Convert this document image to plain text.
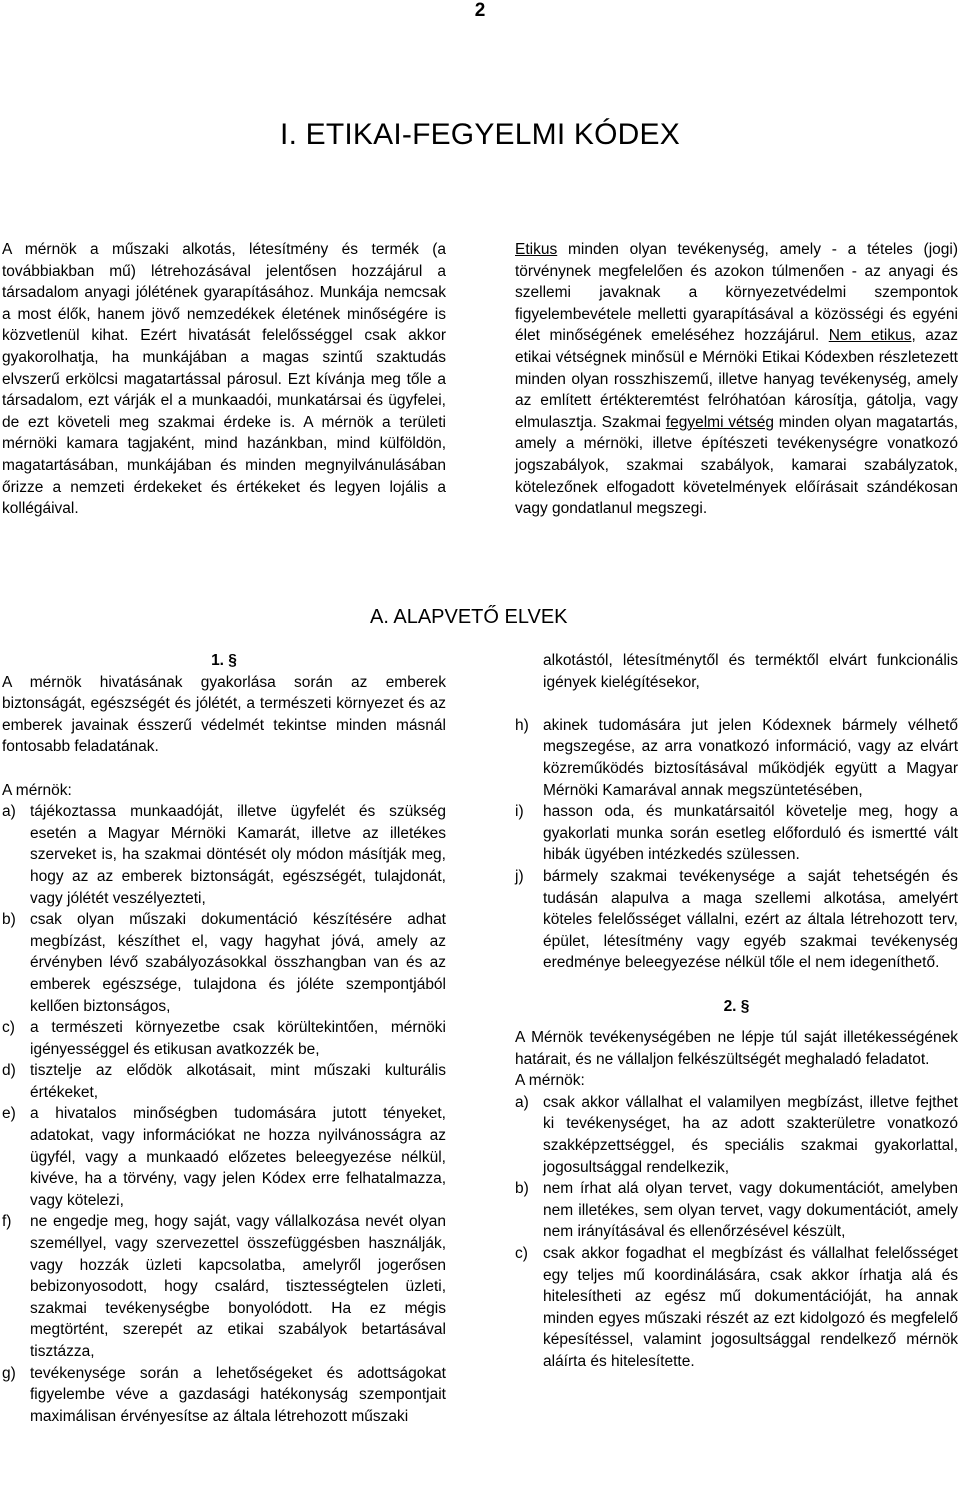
2
I. ETIKAI-FEGYELMI KÓDEX

A mérnök a műszaki alkotás, létesítmény és termék (a továbbiakban mű) létrehozásával jelentősen hozzájárul a társadalom anyagi jólétének gyarapításához. Munkája nemcsak a most élők, hanem jövő nemzedékek életének minőségére is közvetlenül kihat. Ezért hivatását felelősséggel csak akkor gyakorolhatja, ha munkájában a magas szintű szaktudás elvszerű erkölcsi magatartással párosul. Ezt kívánja meg tőle a társadalom, ezt várják el a munkaadói, munkatársai és ügyfelei, de ezt követeli meg szakmai érdeke is. A mérnök a területi mérnöki kamara tagjaként, mind hazánkban, mind külföldön, magatartásában, munkájában és minden megnyilvánulásában őrizze a nemzeti érdekeket és értékeket és legyen lojális a kollégáival.

Etikus minden olyan tevékenység, amely - a tételes (jogi) törvénynek megfelelően és azokon túlmenően - az anyagi és szellemi javaknak a környezetvédelmi szempontok figyelembevétele melletti gyarapításával a közösségi és egyéni élet minőségének emeléséhez hozzájárul. Nem etikus, azaz etikai vétségnek minősül e Mérnöki Etikai Kódexben részletezett minden olyan rosszhiszemű, illetve hanyag tevékenység, amely az említett értékteremtést felróhatóan károsítja, gátolja, vagy elmulasztja. Szakmai fegyelmi vétség minden olyan magatartás, amely a mérnöki, illetve építészeti tevékenységre vonatkozó jogszabályok, szakmai szabályok, kamarai szabályzatok, kötelezőnek elfogadott követelmények előírásait szándékosan vagy gondatlanul megszegi.

A. ALAPVETŐ ELVEK
1. §

A mérnök hivatásának gyakorlása során az emberek biztonságát, egészségét és jólétét, a természeti környezet és az emberek javainak ésszerű védelmét tekintse minden másnál fontosabb feladatának.

A mérnök:

a) tájékoztassa munkaadóját, illetve ügyfelét és szükség esetén a Magyar Mérnöki Kamarát, illetve az illetékes szerveket is, ha szakmai döntését oly módon másítják meg, hogy az az emberek biztonságát, egészségét, tulajdonát, vagy jólétét veszélyezteti,
b) csak olyan műszaki dokumentáció készítésére adhat megbízást, készíthet el, vagy hagyhat jóvá, amely az érvényben lévő szabályozásokkal összhangban van és az emberek egészsége, tulajdona és jóléte szempontjából kellően biztonságos,
c) a természeti környezetbe csak körültekintően, mérnöki igényességgel és etikusan avatkozzék be,
d) tisztelje az elődök alkotásait, mint műszaki kulturális értékeket,
e) a hivatalos minőségben tudomására jutott tényeket, adatokat, vagy információkat ne hozza nyilvánosságra az ügyfél, vagy a munkaadó előzetes beleegyezése nélkül, kivéve, ha a törvény, vagy jelen Kódex erre felhatalmazza, vagy kötelezi,
f)	ne engedje meg, hogy saját, vagy vállalkozása nevét olyan személlyel, vagy szervezettel összefüggésben használják, vagy hozzák üzleti kapcsolatba, amelyről jogerősen bebizonyosodott, hogy csalárd, tisztességtelen üzleti, szakmai tevékenységbe bonyolódott. Ha ez mégis megtörtént, szerepét az etikai szabályok betartásával tisztázza,
g) tevékenysége során a lehetőségeket és adottságokat figyelembe véve a gazdasági hatékonyság szempontjait maximálisan érvényesítse az általa létrehozott műszaki

alkotástól, létesítménytől és terméktől elvárt funkcionális igények kielégítésekor,

h) akinek tudomására jut jelen Kódexnek bármely vélhető megszegése, az arra vonatkozó információ, vagy az elvárt közreműködés biztosításával működjék együtt a Magyar Mérnöki Kamarával annak megszüntetésében,
i)	hasson oda, és munkatársaitól követelje meg, hogy a gyakorlati munka során esetleg előforduló és ismertté vált hibák ügyében intézkedés szülessen.
j)	bármely szakmai tevékenysége a saját tehetségén és tudásán alapulva a maga szellemi alkotása, amelyért köteles felelősséget vállalni, ezért az általa létrehozott terv, épület, létesítmény vagy egyéb szakmai tevékenység eredménye beleegyezése nélkül tőle el nem idegeníthető.
2. §

A Mérnök tevékenységében ne lépje túl saját illetékességének határait, és ne vállaljon felkészültségét meghaladó feladatot.

A mérnök:

a) csak akkor vállalhat el valamilyen megbízást, illetve fejthet ki tevékenységet, ha az adott szakterületre vonatkozó szakképzettséggel, és speciális szakmai gyakorlattal, jogosultsággal rendelkezik,
b) nem írhat alá olyan tervet, vagy dokumentációt, amelyben nem illetékes, sem olyan tervet, vagy dokumentációt, amely nem irányításával és ellenőrzésével készült,
c) csak akkor fogadhat el megbízást és vállalhat felelősséget egy teljes mű koordinálására, csak akkor írhatja alá és hitelesítheti az egész mű dokumentációját, ha annak minden egyes műszaki részét az ezt kidolgozó és megfelelő képesítéssel, valamint jogosultsággal rendelkező mérnök aláírta és hitelesítette.
